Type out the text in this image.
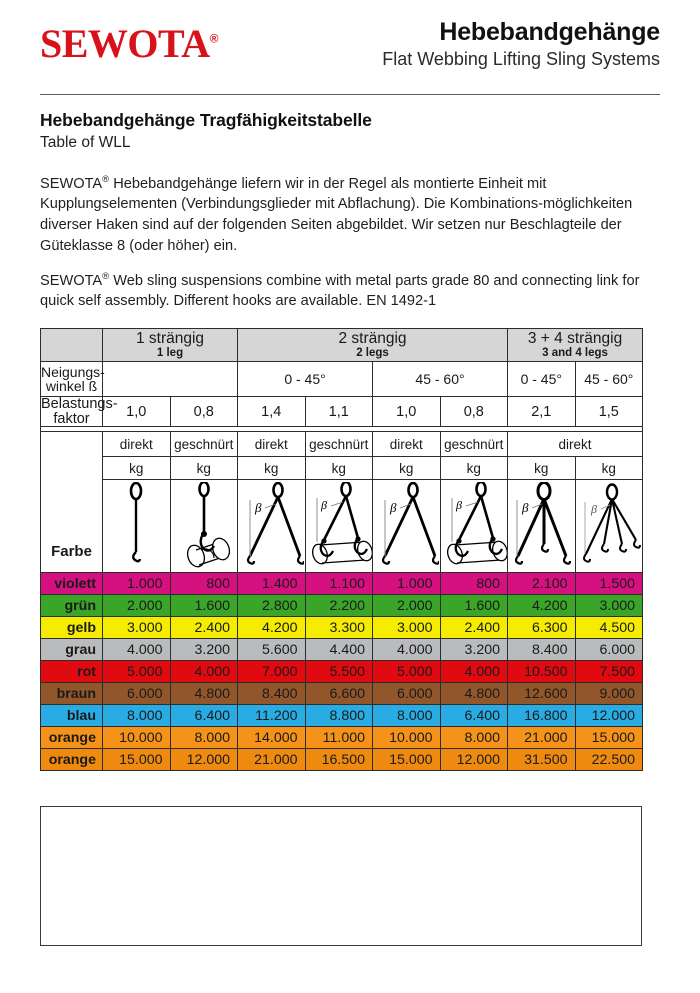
SEWOTA®	Hebebandgehänge
Flat Webbing Lifting Sling Systems
Hebebandgehänge Tragfähigkeitstabelle
Table of WLL
SEWOTA® Hebebandgehänge liefern wir in der Regel als montierte Einheit mit Kupplungselementen (Verbindungsglieder mit Abflachung). Die Kombinations-möglichkeiten diverser Haken sind auf der folgenden Seiten abgebildet. Wir setzen nur Beschlagteile der Güteklasse 8 (oder höher) ein.
SEWOTA® Web sling suspensions combine with metal parts grade 80 and connecting link for quick self assembly. Different hooks are available. EN 1492-1
	1 strängig
1 leg		2 strängig
2 legs				3 + 4 strängig
3 and 4 legs	

Neigungs-
winkel ß			0 - 45°		45 - 60°		0 - 45°	45 - 60°
Belastungs-
faktor	1,0	0,8	1,4	1,1	1,0	0,8	2,1	1,5

Farbe	direkt	geschnürt	direkt	geschnürt	direkt	geschnürt	direkt	
	kg	kg	kg	kg	kg	kg	kg	kg

β	β	β	β	β	β

violett	1.000	800	1.400	1.100	1.000	800	2.100	1.500
grün	2.000	1.600	2.800	2.200	2.000	1.600	4.200	3.000
gelb	3.000	2.400	4.200	3.300	3.000	2.400	6.300	4.500
grau	4.000	3.200	5.600	4.400	4.000	3.200	8.400	6.000
rot	5.000	4.000	7.000	5.500	5.000	4.000	10.500	7.500
braun	6.000	4.800	8.400	6.600	6.000	4.800	12.600	9.000
blau	8.000	6.400	11.200	8.800	8.000	6.400	16.800	12.000
orange	10.000	8.000	14.000	11.000	10.000	8.000	21.000	15.000
orange	15.000	12.000	21.000	16.500	15.000	12.000	31.500	22.500
